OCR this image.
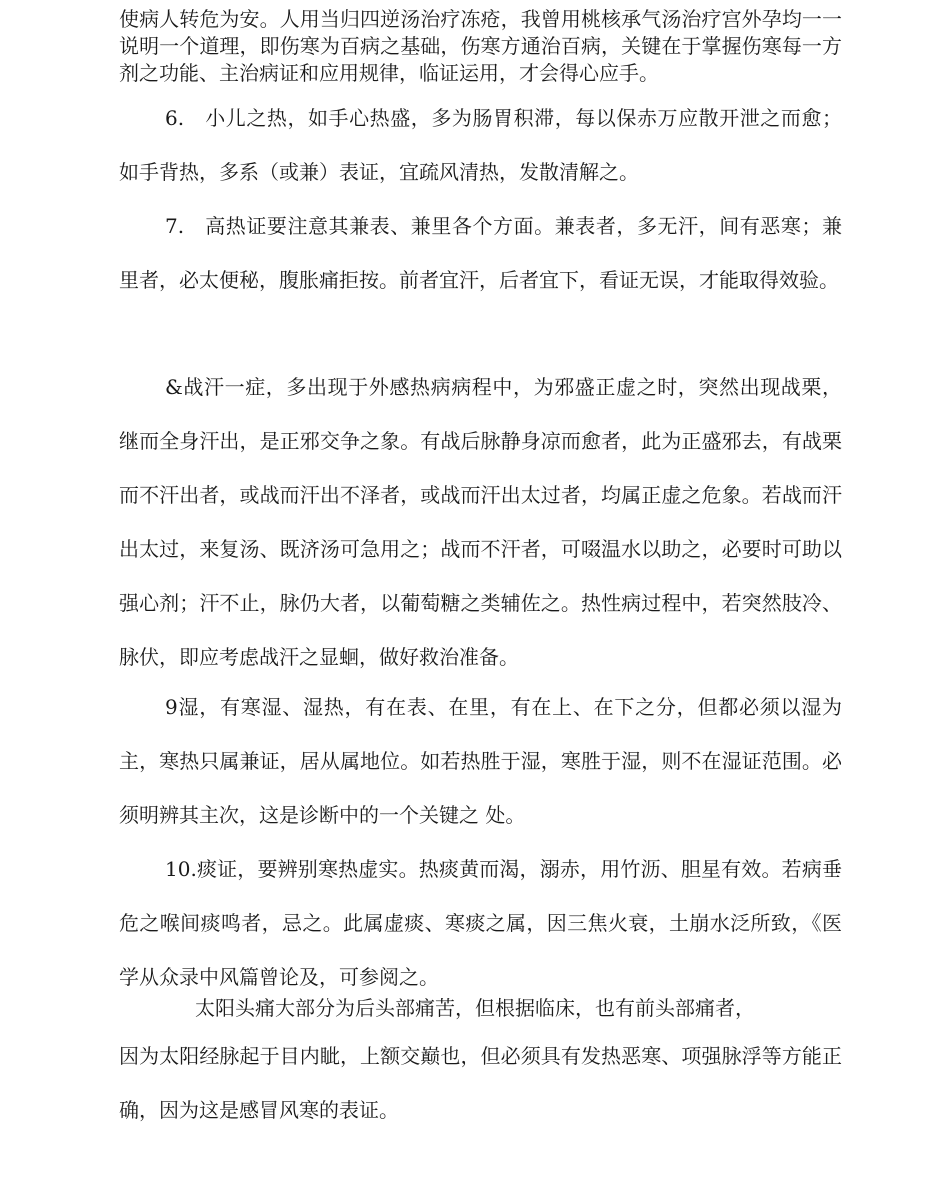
使病人转危为安。人用当归四逆汤治疗冻疮，我曾用桃核承气汤治疗宫外孕均一一说明一个道理，即伤寒为百病之基础，伤寒方通治百病，关键在于掌握伤寒每一方剂之功能、主治病证和应用规律，临证运用，才会得心应手。

6.　小儿之热，如手心热盛，多为肠胃积滞，每以保赤万应散开泄之而愈；如手背热，多系（或兼）表证，宜疏风清热，发散清解之。

7.　高热证要注意其兼表、兼里各个方面。兼表者，多无汗，间有恶寒；兼里者，必太便秘，腹胀痛拒按。前者宜汗，后者宜下，看证无误，才能取得效验。

&战汗一症，多出现于外感热病病程中，为邪盛正虚之时，突然出现战栗，继而全身汗出，是正邪交争之象。有战后脉静身凉而愈者，此为正盛邪去，有战栗而不汗出者，或战而汗出不泽者，或战而汗出太过者，均属正虚之危象。若战而汗出太过，来复汤、既济汤可急用之；战而不汗者，可啜温水以助之，必要时可助以强心剂；汗不止，脉仍大者，以葡萄糖之类辅佐之。热性病过程中，若突然肢冷、脉伏，即应考虑战汗之显蛔，做好救治准备。

9湿，有寒湿、湿热，有在表、在里，有在上、在下之分，但都必须以湿为主，寒热只属兼证，居从属地位。如若热胜于湿，寒胜于湿，则不在湿证范围。必须明辨其主次，这是诊断中的一个关键之 处。

10.痰证，要辨别寒热虚实。热痰黄而渴，溺赤，用竹沥、胆星有效。若病垂危之喉间痰鸣者，忌之。此属虚痰、寒痰之属，因三焦火衰，土崩水泛所致，《医学从众录中风篇曾论及，可参阅之。

太阳头痛大部分为后头部痛苦，但根据临床，也有前头部痛者，

因为太阳经脉起于目内眦，上额交巅也，但必须具有发热恶寒、项强脉浮等方能正确，因为这是感冒风寒的表证。
